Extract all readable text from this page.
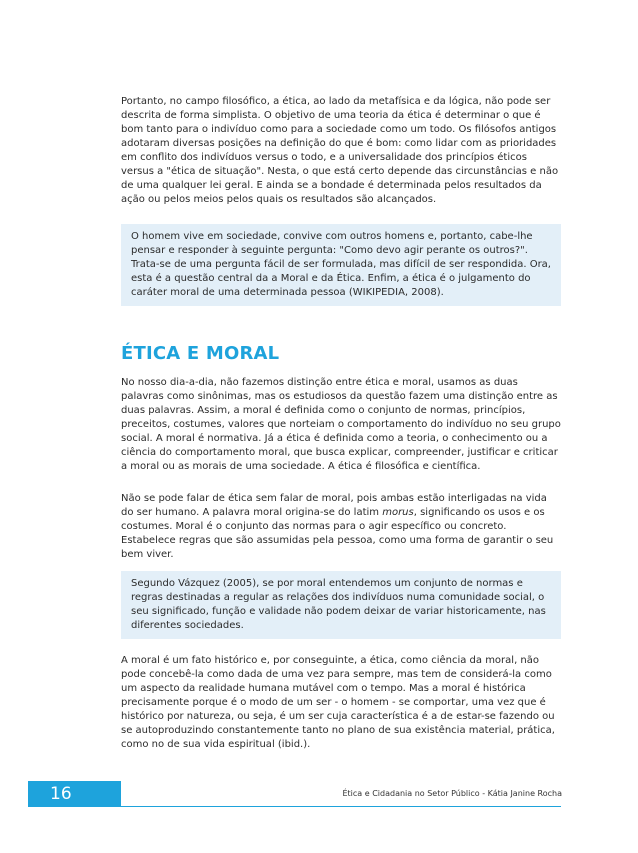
Portanto, no campo filosófico, a ética, ao lado da metafísica e da lógica, não pode ser descrita de forma simplista. O objetivo de uma teoria da ética é determinar o que é bom tanto para o indivíduo como para a sociedade como um todo. Os filósofos antigos adotaram diversas posições na definição do que é bom: como lidar com as prioridades em conflito dos indivíduos versus o todo, e a universalidade dos princípios éticos versus a "ética de situação". Nesta, o que está certo depende das circunstâncias e não de uma qualquer lei geral. E ainda se a bondade é determinada pelos resultados da ação ou pelos meios pelos quais os resultados são alcançados.

O homem vive em sociedade, convive com outros homens e, portanto, cabe-lhe pensar e responder à seguinte pergunta: "Como devo agir perante os outros?". Trata-se de uma pergunta fácil de ser formulada, mas difícil de ser respondida. Ora, esta é a questão central da a Moral e da Ética. Enfim, a ética é o julgamento do caráter moral de uma determinada pessoa (WIKIPEDIA, 2008).

ÉTICA E MORAL

No nosso dia-a-dia, não fazemos distinção entre ética e moral, usamos as duas palavras como sinônimas, mas os estudiosos da questão fazem uma distinção entre as duas palavras. Assim, a moral é definida como o conjunto de normas, princípios, preceitos, costumes, valores que norteiam o comportamento do indivíduo no seu grupo social. A moral é normativa. Já a ética é definida como a teoria, o conhecimento ou a ciência do comportamento moral, que busca explicar, compreender, justificar e criticar a moral ou as morais de uma sociedade. A ética é filosófica e científica.

Não se pode falar de ética sem falar de moral, pois ambas estão interligadas na vida do ser humano. A palavra moral origina-se do latim morus, significando os usos e os costumes. Moral é o conjunto das normas para o agir específico ou concreto. Estabelece regras que são assumidas pela pessoa, como uma forma de garantir o seu bem viver.

Segundo Vázquez (2005), se por moral entendemos um conjunto de normas e regras destinadas a regular as relações dos indivíduos numa comunidade social, o seu significado, função e validade não podem deixar de variar historicamente, nas diferentes sociedades.

A moral é um fato histórico e, por conseguinte, a ética, como ciência da moral, não pode concebê-la como dada de uma vez para sempre, mas tem de considerá-la como um aspecto da realidade humana mutável com o tempo. Mas a moral é histórica precisamente porque é o modo de um ser - o homem - se comportar, uma vez que é histórico por natureza, ou seja, é um ser cuja característica é a de estar-se fazendo ou se autoproduzindo constantemente tanto no plano de sua existência material, prática, como no de sua vida espiritual (ibid.).

16	Ética e Cidadania no Setor Público - Kátia Janine Rocha
